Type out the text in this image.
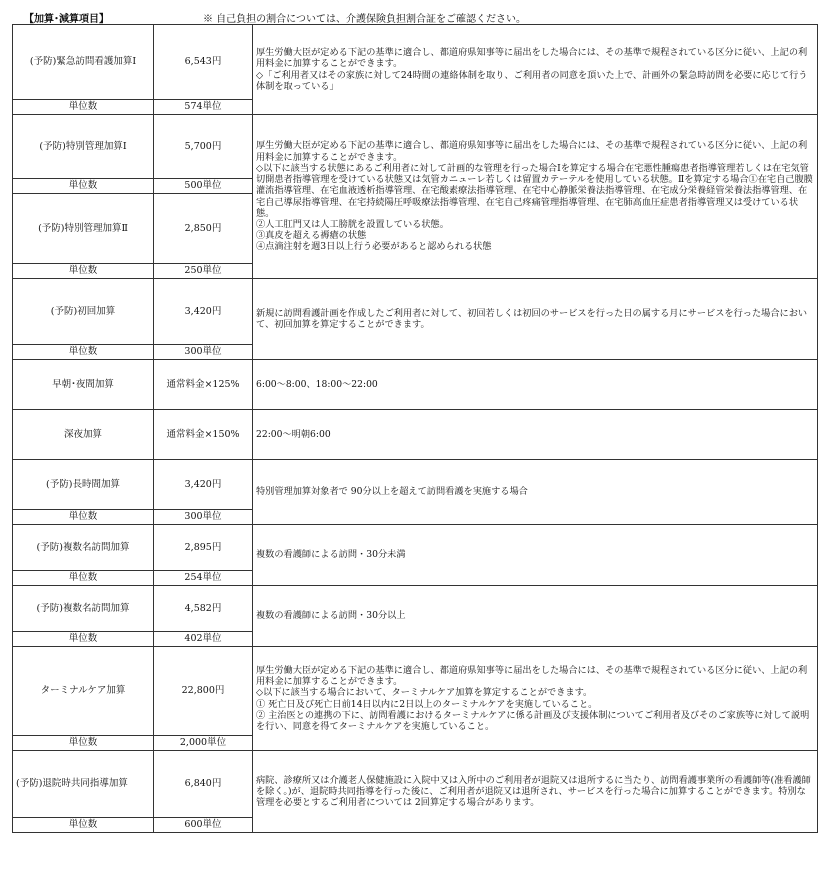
【加算･減算項目】	※ 自己負担の割合については、介護保険負担割合証をご確認ください。
(予防)緊急訪問看護加算Ⅰ	6,543円	厚生労働大臣が定める下記の基準に適合し、都道府県知事等に届出をした場合には、その基準で規程されている区分に従い、上記の利用料金に加算することができます。
◇「ご利用者又はその家族に対して24時間の連絡体制を取り、ご利用者の同意を頂いた上で、計画外の緊急時訪問を必要に応じて行う体制を取っている」

単位数	574単位	
(予防)特別管理加算Ⅰ	5,700円	厚生労働大臣が定める下記の基準に適合し、都道府県知事等に届出をした場合には、その基準で規程されている区分に従い、上記の利用料金に加算することができます。
◇以下に該当する状態にあるご利用者に対して計画的な管理を行った場合Ⅰを算定する場合在宅悪性腫瘍患者指導管理若しくは在宅気管切開患者指導管理を受けている状態又は気管カニューレ若しくは留置カテーテルを使用している状態。Ⅱを算定する場合①在宅自己腹膜灌流指導管理、在宅血液透析指導管理、在宅酸素療法指導管理、在宅中心静脈栄養法指導管理、在宅成分栄養経管栄養法指導管理、在宅自己導尿指導管理、在宅持続陽圧呼吸療法指導管理、在宅自己疼痛管理指導管理、在宅肺高血圧症患者指導管理又は受けている状態。
②人工肛門又は人工膀胱を設置している状態。
③真皮を超える褥瘡の状態
④点滴注射を週3日以上行う必要があると認められる状態

単位数	500単位	
(予防)特別管理加算Ⅱ	2,850円	
単位数	250単位	
(予防)初回加算	3,420円	新規に訪問看護計画を作成したご利用者に対して、初回若しくは初回のサービスを行った日の属する月にサービスを行った場合において、初回加算を算定することができます。

単位数	300単位	
早朝･夜間加算	通常料金×125%	6:00～8:00、18:00～22:00

深夜加算	通常料金×150%	22:00～明朝6:00

(予防)長時間加算	3,420円	特別管理加算対象者で 90分以上を超えて訪問看護を実施する場合

単位数	300単位	
(予防)複数名訪問加算	2,895円	複数の看護師による訪問・30分未満

単位数	254単位	
(予防)複数名訪問加算	4,582円	複数の看護師による訪問・30分以上

単位数	402単位	
ターミナルケア加算	22,800円	厚生労働大臣が定める下記の基準に適合し、都道府県知事等に届出をした場合には、その基準で規程されている区分に従い、上記の利用料金に加算することができます。
◇以下に該当する場合において、ターミナルケア加算を算定することができます。
① 死亡日及び死亡日前14日以内に2日以上のターミナルケアを実施していること。
② 主治医との連携の下に、訪問看護におけるターミナルケアに係る計画及び支援体制についてご利用者及びそのご家族等に対して説明を行い、同意を得てターミナルケアを実施していること。

単位数	2,000単位	
(予防)退院時共同指導加算	6,840円	病院、診療所又は介護老人保健施設に入院中又は入所中のご利用者が退院又は退所するに当たり、訪問看護事業所の看護師等(准看護師を除く。)が、退院時共同指導を行った後に、ご利用者が退院又は退所され、サービスを行った場合に加算することができます。特別な管理を必要とするご利用者については 2回算定する場合があります。

単位数	600単位	
